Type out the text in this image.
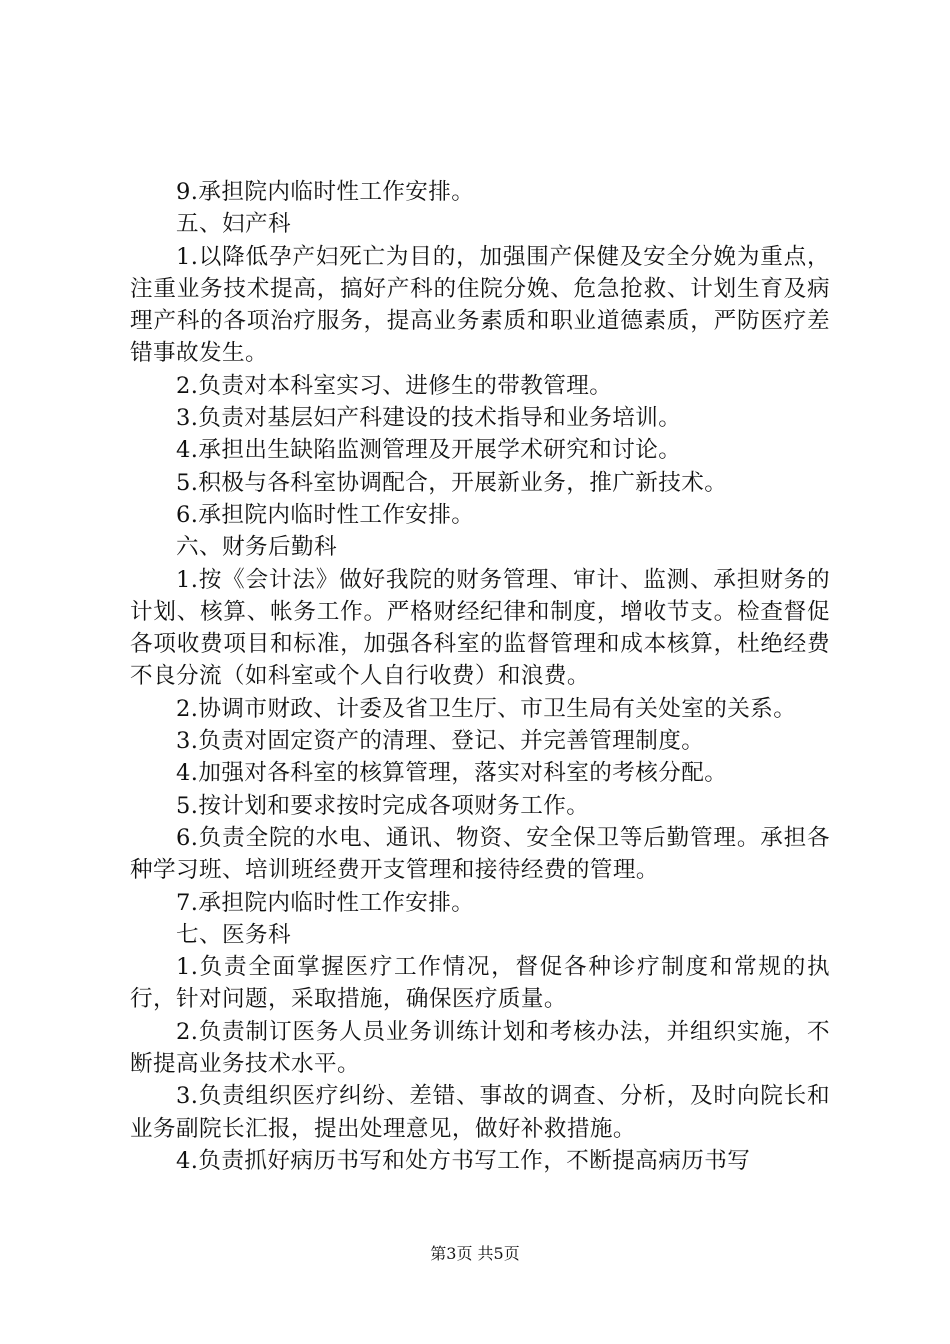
9.承担院内临时性工作安排。

五、妇产科

1.以降低孕产妇死亡为目的，加强围产保健及安全分娩为重点，注重业务技术提高，搞好产科的住院分娩、危急抢救、计划生育及病理产科的各项治疗服务，提高业务素质和职业道德素质，严防医疗差错事故发生。

2.负责对本科室实习、进修生的带教管理。

3.负责对基层妇产科建设的技术指导和业务培训。

4.承担出生缺陷监测管理及开展学术研究和讨论。

5.积极与各科室协调配合，开展新业务，推广新技术。

6.承担院内临时性工作安排。

六、财务后勤科

1.按《会计法》做好我院的财务管理、审计、监测、承担财务的计划、核算、帐务工作。严格财经纪律和制度，增收节支。检查督促各项收费项目和标准，加强各科室的监督管理和成本核算，杜绝经费不良分流（如科室或个人自行收费）和浪费。

2.协调市财政、计委及省卫生厅、市卫生局有关处室的关系。

3.负责对固定资产的清理、登记、并完善管理制度。

4.加强对各科室的核算管理，落实对科室的考核分配。

5.按计划和要求按时完成各项财务工作。

6.负责全院的水电、通讯、物资、安全保卫等后勤管理。承担各种学习班、培训班经费开支管理和接待经费的管理。

7.承担院内临时性工作安排。

七、医务科

1.负责全面掌握医疗工作情况，督促各种诊疗制度和常规的执行，针对问题，采取措施，确保医疗质量。

2.负责制订医务人员业务训练计划和考核办法，并组织实施，不断提高业务技术水平。

3.负责组织医疗纠纷、差错、事故的调查、分析，及时向院长和业务副院长汇报，提出处理意见，做好补救措施。

4.负责抓好病历书写和处方书写工作，不断提高病历书写

第3页 共5页
